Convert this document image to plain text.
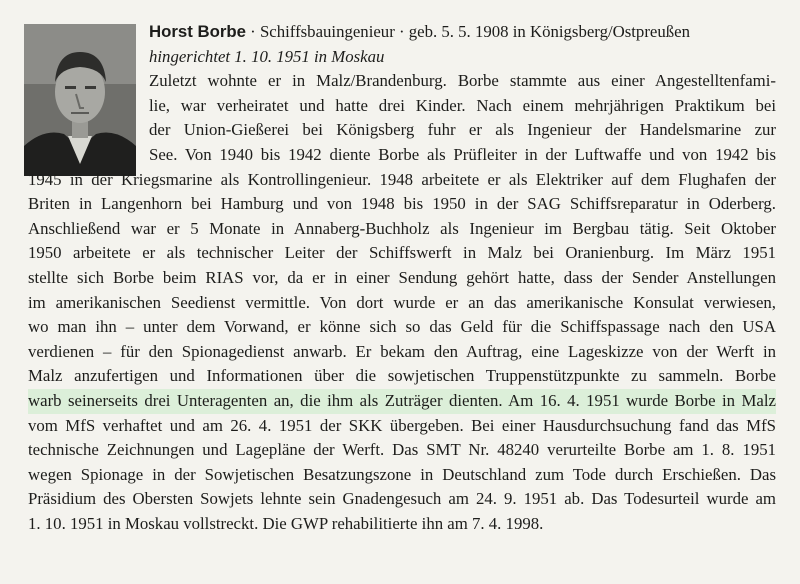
Horst Borbe · Schiffsbauingenieur · geb. 5. 5. 1908 in Königsberg/Ostpreußen
hingerichtet 1. 10. 1951 in Moskau
Zuletzt wohnte er in Malz/Brandenburg. Borbe stammte aus einer Angestelltenfami-
lie, war verheiratet und hatte drei Kinder. Nach einem mehrjährigen Praktikum bei
der Union-Gießerei bei Königsberg fuhr er als Ingenieur der Handelsmarine zur
See. Von 1940 bis 1942 diente Borbe als Prüfleiter in der Luftwaffe und von 1942 bis
1945 in der Kriegsmarine als Kontrollingenieur. 1948 arbeitete er als Elektriker auf dem Flughafen der
Briten in Langenhorn bei Hamburg und von 1948 bis 1950 in der SAG Schiffsreparatur in Oderberg.
Anschließend war er 5 Monate in Annaberg-Buchholz als Ingenieur im Bergbau tätig. Seit Oktober
1950 arbeitete er als technischer Leiter der Schiffswerft in Malz bei Oranienburg. Im März 1951
stellte sich Borbe beim RIAS vor, da er in einer Sendung gehört hatte, dass der Sender Anstellungen
im amerikanischen Seedienst vermittle. Von dort wurde er an das amerikanische Konsulat verwiesen,
wo man ihn – unter dem Vorwand, er könne sich so das Geld für die Schiffspassage nach den USA
verdienen – für den Spionagedienst anwarb. Er bekam den Auftrag, eine Lageskizze von der Werft in
Malz anzufertigen und Informationen über die sowjetischen Truppenstützpunkte zu sammeln. Borbe
warb seinerseits drei Unteragenten an, die ihm als Zuträger dienten. Am 16. 4. 1951 wurde Borbe in Malz
vom MfS verhaftet und am 26. 4. 1951 der SKK übergeben. Bei einer Hausdurchsuchung fand das MfS
technische Zeichnungen und Lagepläne der Werft. Das SMT Nr. 48240 verurteilte Borbe am 1. 8. 1951
wegen Spionage in der Sowjetischen Besatzungszone in Deutschland zum Tode durch Erschießen. Das
Präsidium des Obersten Sowjets lehnte sein Gnadengesuch am 24. 9. 1951 ab. Das Todesurteil wurde am
1. 10. 1951 in Moskau vollstreckt. Die GWP rehabilitierte ihn am 7. 4. 1998.
